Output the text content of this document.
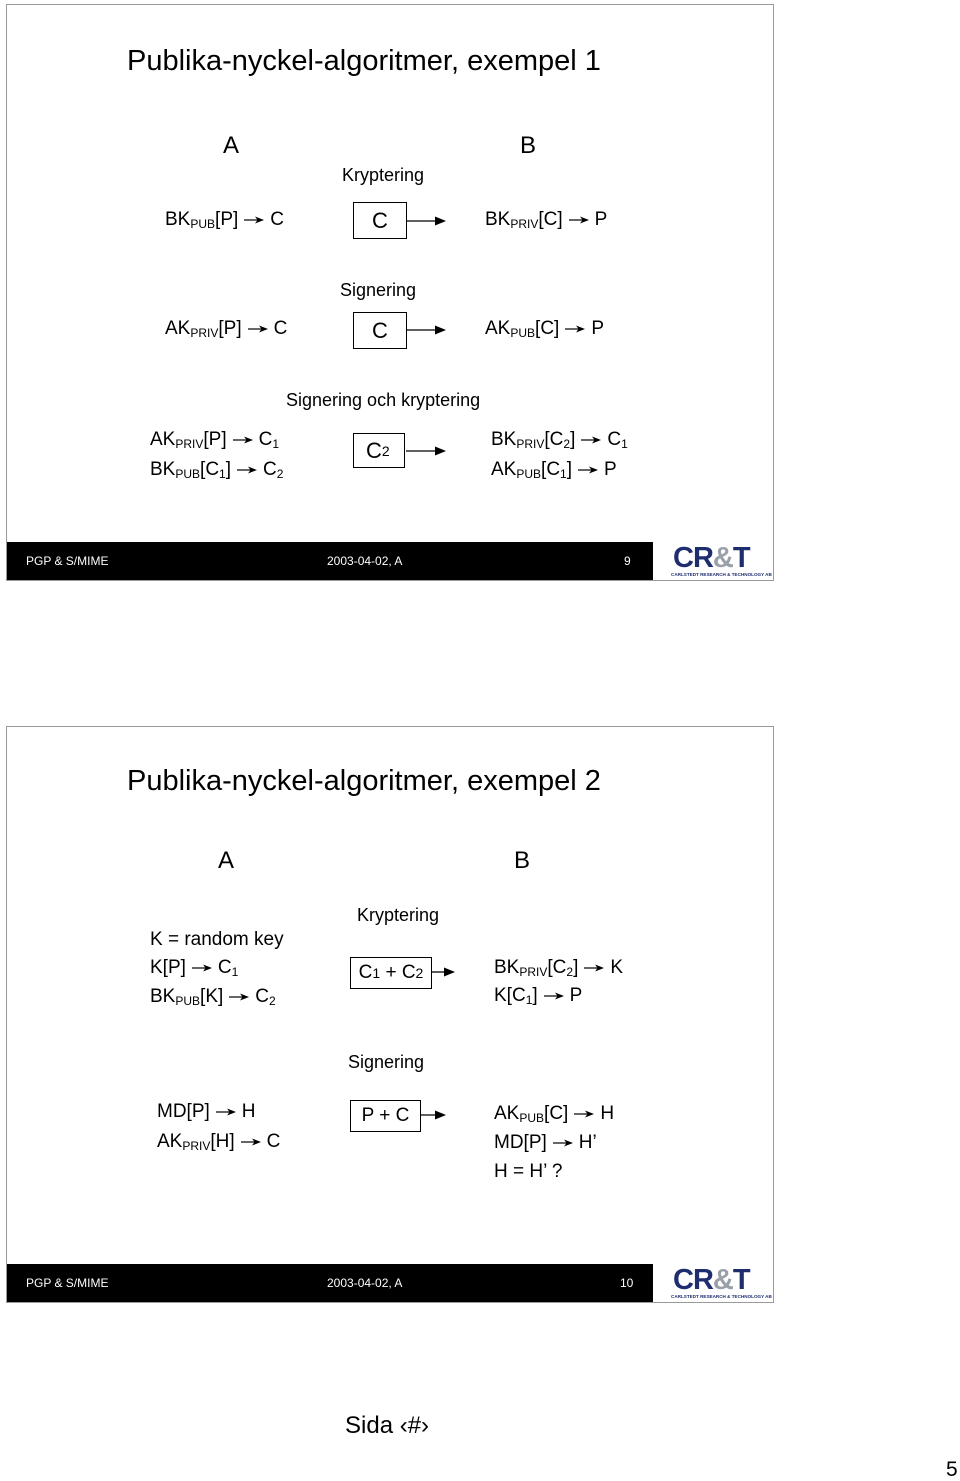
Publika-nyckel-algoritmer, exempel 1
A	B
Kryptering
$BK_{PUB}[P]$ C	C	$BK_{PRIV}[C]$ P
Signering
$AK_{PRIV}[P]$ C	C	$AK_{PUB}[C]$ P
Signering och kryptering
$AK_{PRIV}[P]$ $C_1$
$BK_{PUB}[C_1]$ $C_2$
C 2
$BK_{PRIV}[C_2]$ $C_1$
$AK_{PUB}[C_1]$ P
PGP & S/MIME	2003-04-02, A	9 CR&T
CARLSTEDT RESEARCH & TECHNOLOGY AB
Publika-nyckel-algoritmer, exempel 2
A	B
Kryptering
K = random key
K[P] $C_1$
$BK_{PUB}[K]$ $C_2$
C 1 + C 2	$BK_{PRIV}[C_2]$ K
$K[C_1]$ P
Signering
MD[P] H
$AK_{PRIV}[H]$ C
P + C	$AK_{PUB}[C]$ H
MD[P] H’
H = H’ ?
PGP & S/MIME	2003-04-02, A	10 CR&T
CARLSTEDT RESEARCH & TECHNOLOGY AB
Sida ‹#›
5
